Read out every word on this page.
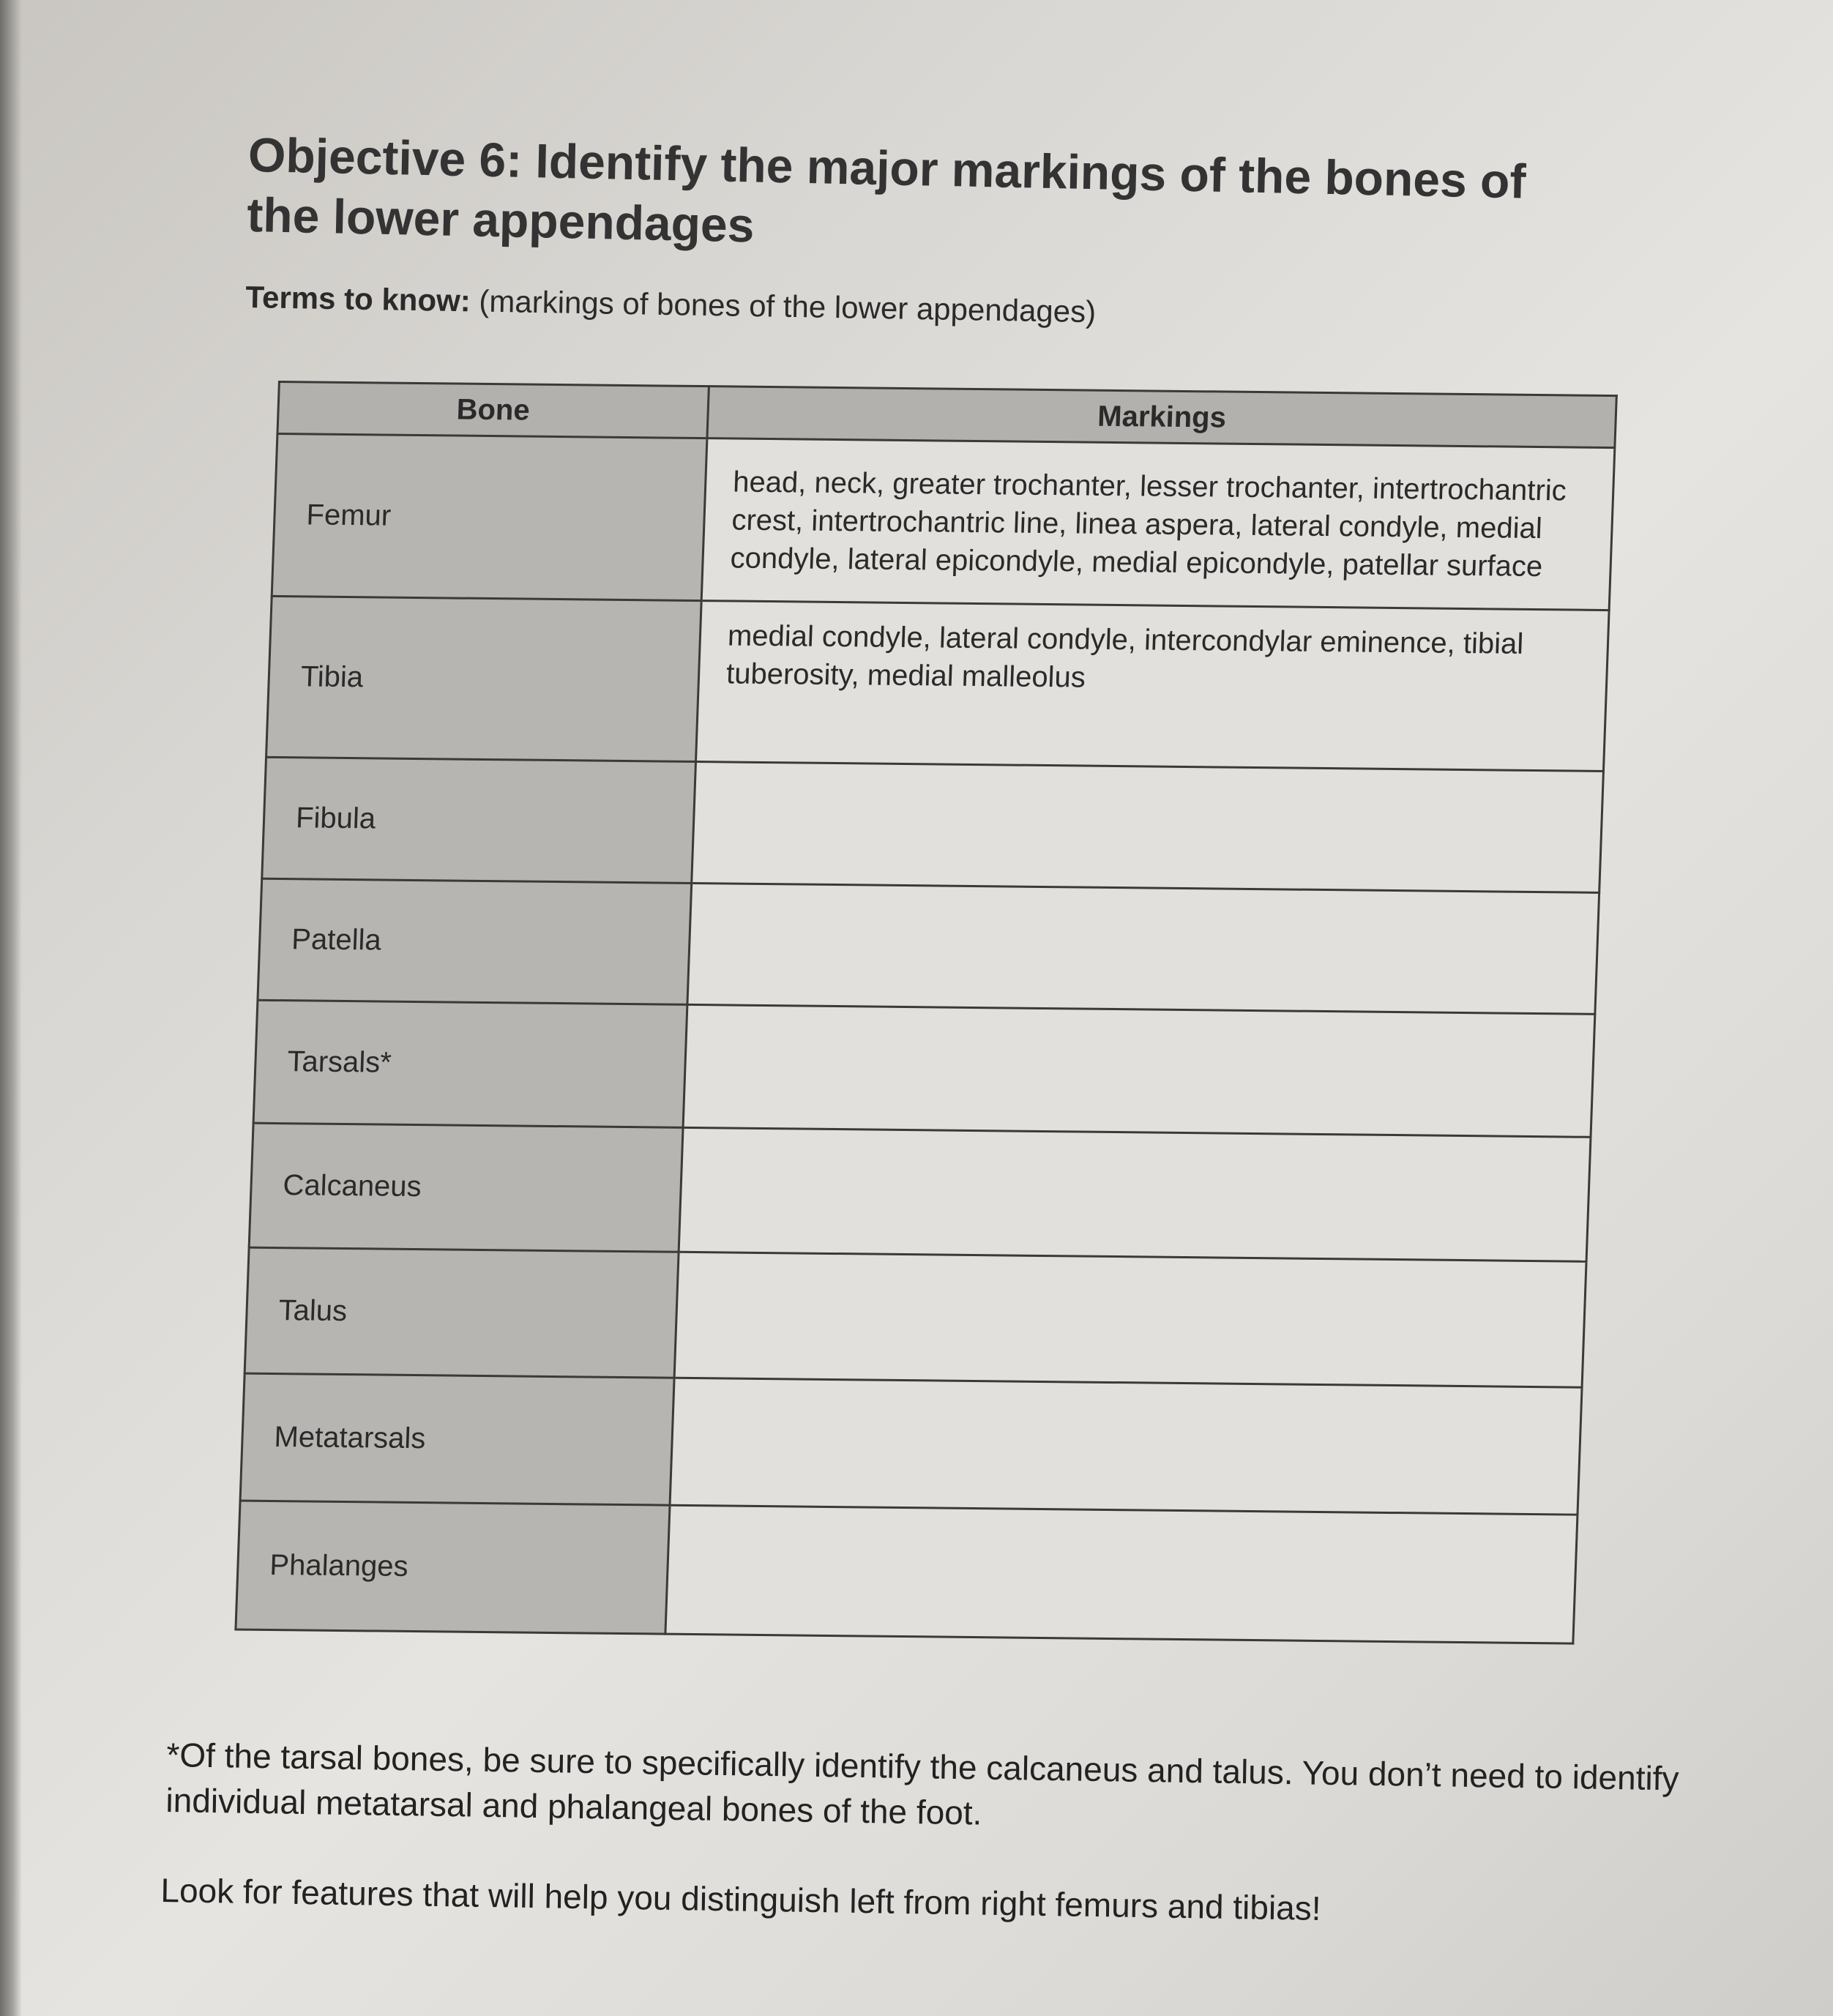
Objective 6: Identify the major markings of the bones of the lower appendages
Terms to know: (markings of bones of the lower appendages)
Bone	Markings
Femur	head, neck, greater trochanter, lesser trochanter, intertrochantric crest, intertrochantric line, linea aspera, lateral condyle, medial condyle, lateral epicondyle, medial epicondyle, patellar surface
Tibia	medial condyle, lateral condyle, intercondylar eminence, tibial tuberosity, medial malleolus
Fibula	
Patella	
Tarsals*	
Calcaneus	
Talus	
Metatarsals	
Phalanges	

*Of the tarsal bones, be sure to specifically identify the calcaneus and talus. You don’t need to identify individual metatarsal and phalangeal bones of the foot.

Look for features that will help you distinguish left from right femurs and tibias!
